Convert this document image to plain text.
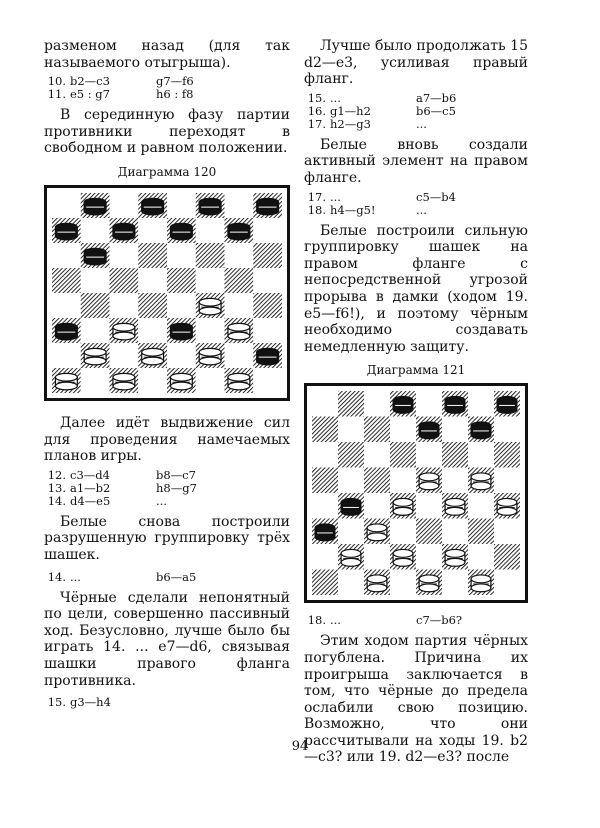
разменом назад (для так называемого отыгрыша).

10. b2—c3	g7—f6
11. e5 : g7	h6 : f8

В серединную фазу партии противники переходят в свободном и равном положении.

Диаграмма 120

Далее идёт выдвижение сил для проведения намечаемых планов игры.

12. c3—d4	b8—c7
13. a1—b2	h8—g7
14. d4—e5	...

Белые снова построили разрушенную группировку трёх шашек.

14. ...	b6—a5

Чёрные сделали непонятный по цели, совершенно пассивный ход. Безусловно, лучше было бы играть 14. ... e7—d6, связывая шашки правого фланга противника.

15. g3—h4

Лучше было продолжать 15 d2—e3, усиливая правый фланг.

15. ...	a7—b6
16. g1—h2	b6—c5
17. h2—g3	...

Белые вновь создали активный элемент на правом фланге.

17. ...	c5—b4
18. h4—g5!	...

Белые построили сильную группировку шашек на правом фланге с непосредственной угрозой прорыва в дамки (ходом 19. e5—f6!), и поэтому чёрным необходимо создавать немедленную защиту.

Диаграмма 121
18. ...	c7—b6?

Этим ходом партия чёрных погублена. Причина их проигрыша заключается в том, что чёрные до предела ослабили свою позицию. Возможно, что они рассчитывали на ходы 19. b2—c3? или 19. d2—e3? после

94
